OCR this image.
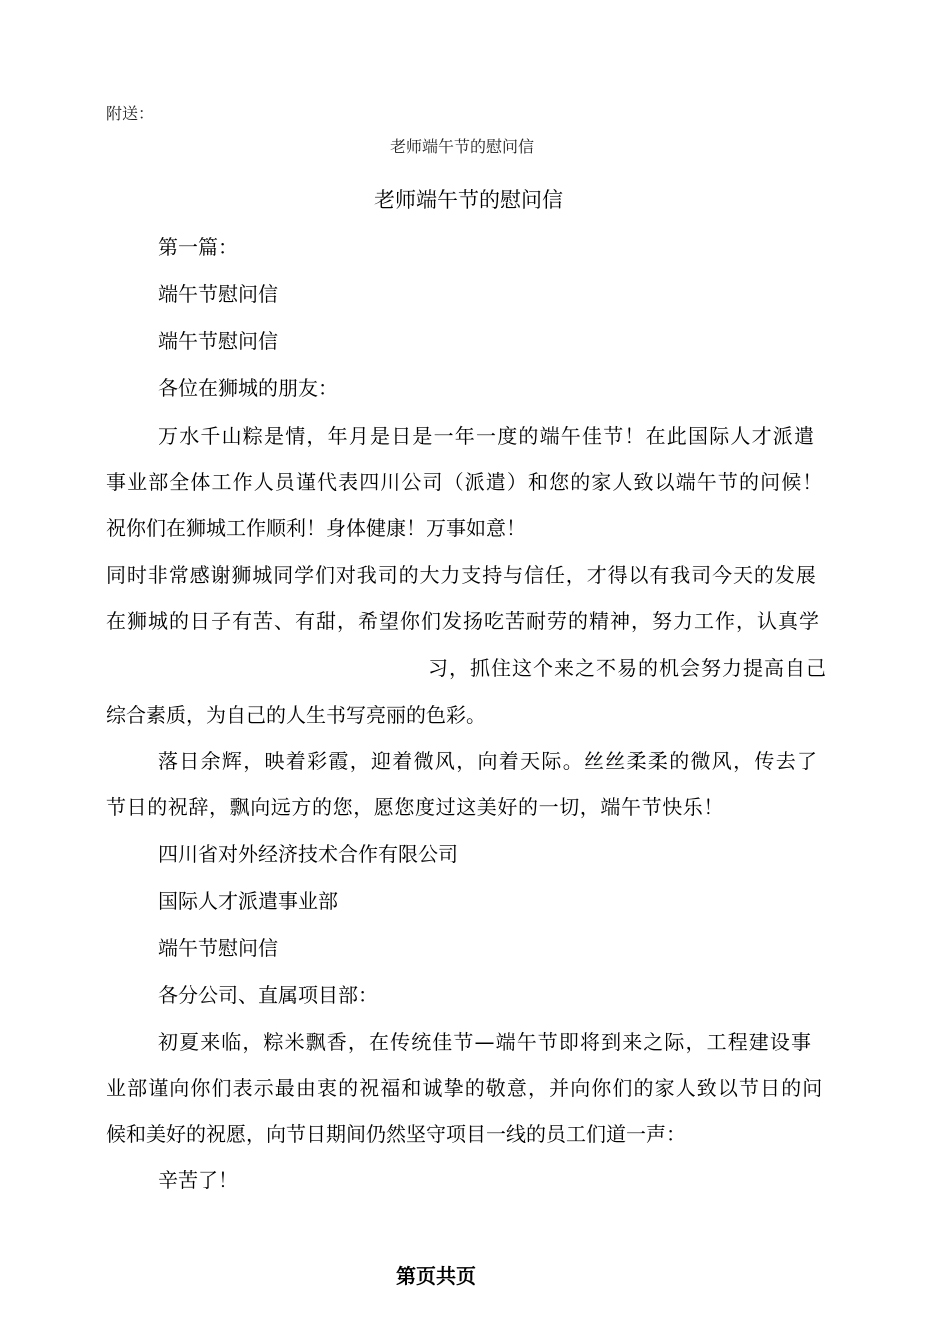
附送：
老师端午节的慰问信
老师端午节的慰问信
第一篇：
端午节慰问信
端午节慰问信
各位在狮城的朋友：
万水千山粽是情，年月是日是一年一度的端午佳节！在此国际人才派遣
事业部全体工作人员谨代表四川公司（派遣）和您的家人致以端午节的问候！
祝你们在狮城工作顺利！身体健康！万事如意！
同时非常感谢狮城同学们对我司的大力支持与信任，才得以有我司今天的发展
在狮城的日子有苦、有甜，希望你们发扬吃苦耐劳的精神，努力工作，认真学
习，抓住这个来之不易的机会努力提高自己
综合素质，为自己的人生书写亮丽的色彩。
落日余辉，映着彩霞，迎着微风，向着天际。丝丝柔柔的微风，传去了
节日的祝辞，飘向远方的您，愿您度过这美好的一切，端午节快乐！
四川省对外经济技术合作有限公司
国际人才派遣事业部
端午节慰问信
各分公司、直属项目部：
初夏来临，粽米飘香，在传统佳节—端午节即将到来之际，工程建设事
业部谨向你们表示最由衷的祝福和诚挚的敬意，并向你们的家人致以节日的问
候和美好的祝愿，向节日期间仍然坚守项目一线的员工们道一声：
辛苦了！
第页共页
